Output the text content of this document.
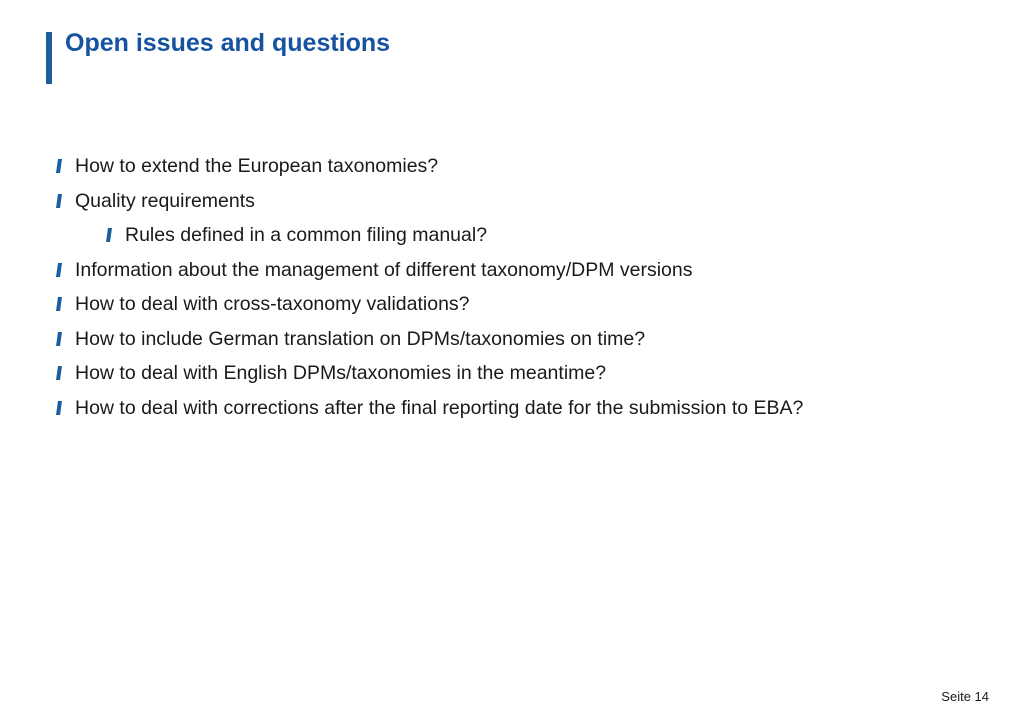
Open issues and questions
How to extend the European taxonomies?
Quality requirements
Rules defined in a common filing manual?
Information about the management of different taxonomy/DPM versions
How to deal with cross-taxonomy validations?
How to include German translation on DPMs/taxonomies on time?
How to deal with English DPMs/taxonomies in the meantime?
How to deal with corrections after the final reporting date for the submission to EBA?
Seite 14
